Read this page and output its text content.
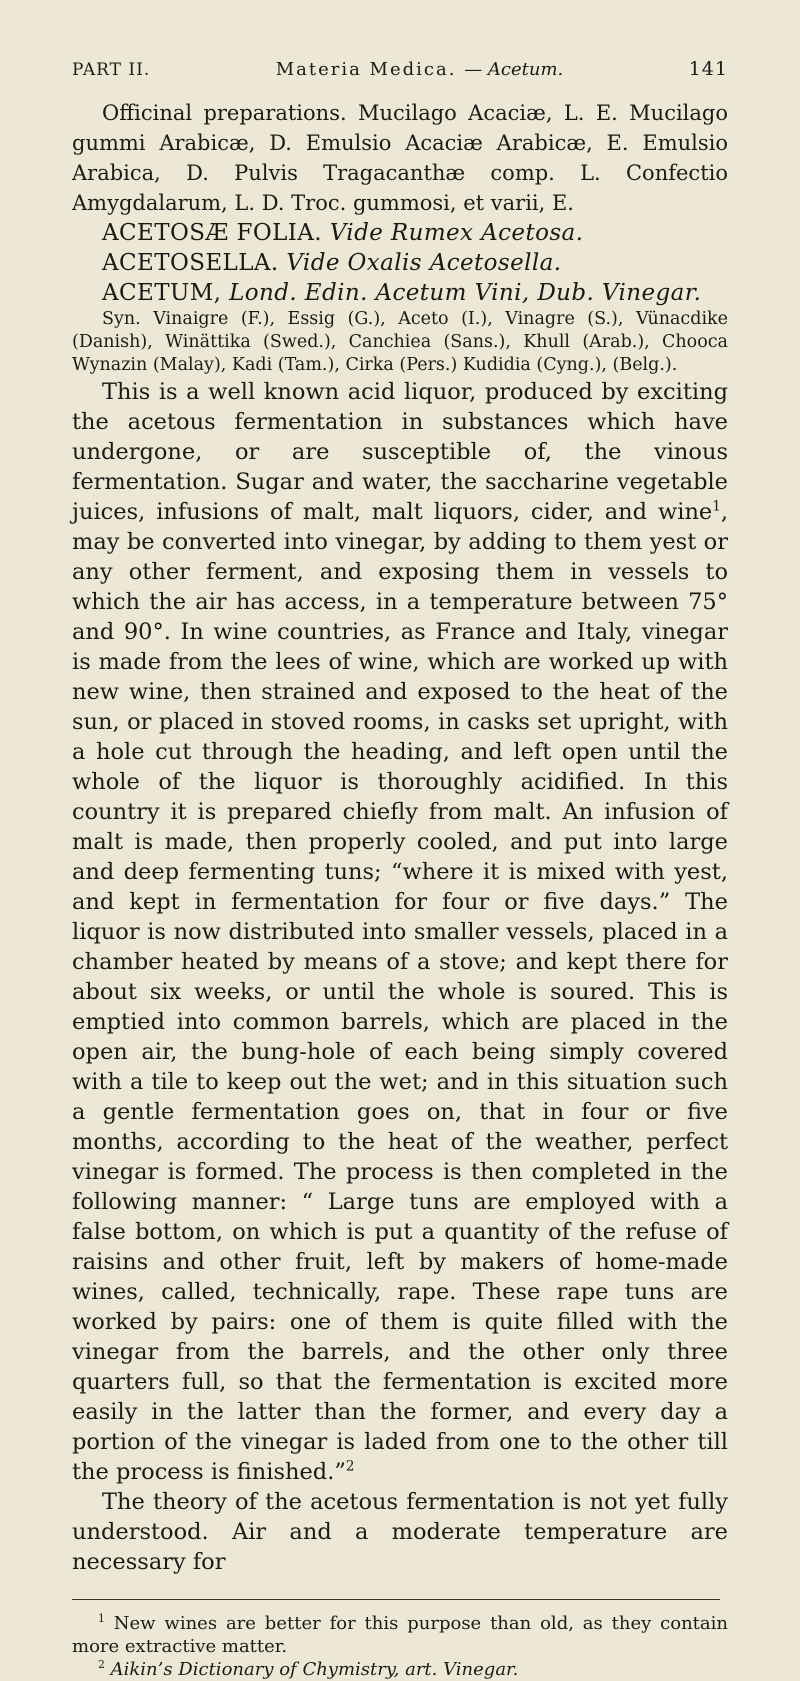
PART II.	Materia Medica. — Acetum.	141

Officinal preparations. Mucilago Acaciæ, L. E. Mucilago gummi Arabicæ, D. Emulsio Acaciæ Arabicæ, E. Emulsio Arabica, D. Pulvis Tragacanthæ comp. L. Confectio Amygdalarum, L. D. Troc. gummosi, et varii, E.

ACETOSÆ FOLIA. Vide Rumex Acetosa.

ACETOSELLA. Vide Oxalis Acetosella.

ACETUM, Lond. Edin. Acetum Vini, Dub. Vinegar.

Syn. Vinaigre (F.), Essig (G.), Aceto (I.), Vinagre (S.), Vünacdike (Danish), Winättika (Swed.), Canchiea (Sans.), Khull (Arab.), Chooca Wynazin (Malay), Kadi (Tam.), Cirka (Pers.) Kudidia (Cyng.), (Belg.).

This is a well known acid liquor, produced by exciting the acetous fermentation in substances which have undergone, or are susceptible of, the vinous fermentation. Sugar and water, the saccharine vegetable juices, infusions of malt, malt liquors, cider, and wine$^1$, may be converted into vinegar, by adding to them yest or any other ferment, and exposing them in vessels to which the air has access, in a temperature between 75° and 90°. In wine countries, as France and Italy, vinegar is made from the lees of wine, which are worked up with new wine, then strained and exposed to the heat of the sun, or placed in stoved rooms, in casks set upright, with a hole cut through the heading, and left open until the whole of the liquor is thoroughly acidified. In this country it is prepared chiefly from malt. An infusion of malt is made, then properly cooled, and put into large and deep fermenting tuns; “where it is mixed with yest, and kept in fermentation for four or five days.” The liquor is now distributed into smaller vessels, placed in a chamber heated by means of a stove; and kept there for about six weeks, or until the whole is soured. This is emptied into common barrels, which are placed in the open air, the bung-hole of each being simply covered with a tile to keep out the wet; and in this situation such a gentle fermentation goes on, that in four or five months, according to the heat of the weather, perfect vinegar is formed. The process is then completed in the following manner: “ Large tuns are employed with a false bottom, on which is put a quantity of the refuse of raisins and other fruit, left by makers of home-made wines, called, technically, rape. These rape tuns are worked by pairs: one of them is quite filled with the vinegar from the barrels, and the other only three quarters full, so that the fermentation is excited more easily in the latter than the former, and every day a portion of the vinegar is laded from one to the other till the process is finished.”$^2$

The theory of the acetous fermentation is not yet fully understood. Air and a moderate temperature are necessary for

$^1$ New wines are better for this purpose than old, as they contain more extractive matter.

$^2$ Aikin’s Dictionary of Chymistry, art. Vinegar.
